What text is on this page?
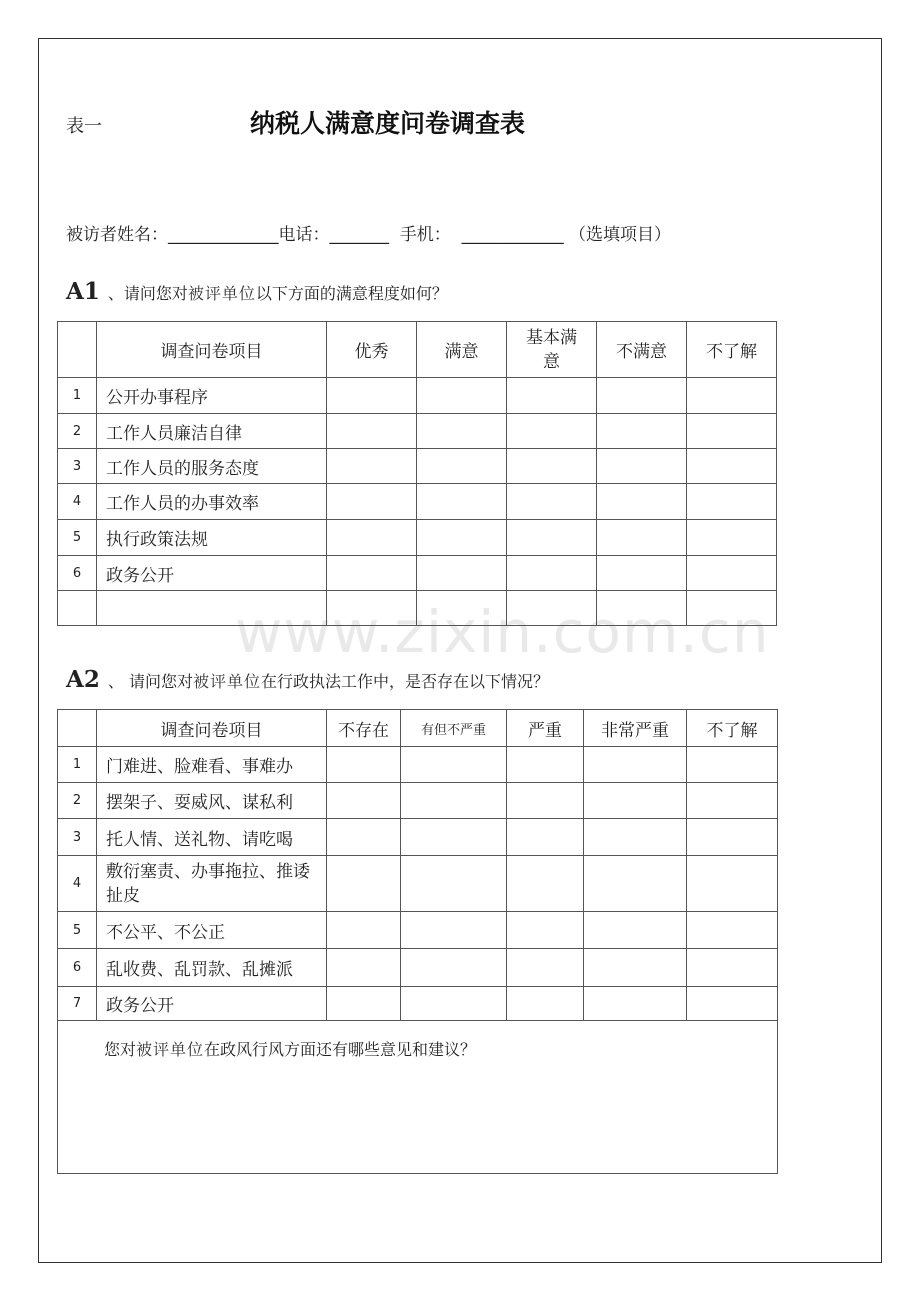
www.zixin.com.cn
表一	纳税人满意度问卷调查表
被访者姓名：_____________电话：_______ 手机： ____________ （选填项目）
A1 、请问您对被评单位以下方面的满意程度如何？
	调查问卷项目	优秀	满意	基本满意	不满意	不了解
1	公开办事程序					
2	工作人员廉洁自律					
3	工作人员的服务态度					
4	工作人员的办事效率					
5	执行政策法规					
6	政务公开					

A2 、 请问您对被评单位在行政执法工作中，是否存在以下情况？
	调查问卷项目	不存在	有但不严重	严重	非常严重	不了解
1	门难进、脸难看、事难办					
2	摆架子、耍威风、谋私利					
3	托人情、送礼物、请吃喝					
4	敷衍塞责、办事拖拉、推诿扯皮					
5	不公平、不公正					
6	乱收费、乱罚款、乱摊派					
7	政务公开					
您对被评单位在政风行风方面还有哪些意见和建议？						
